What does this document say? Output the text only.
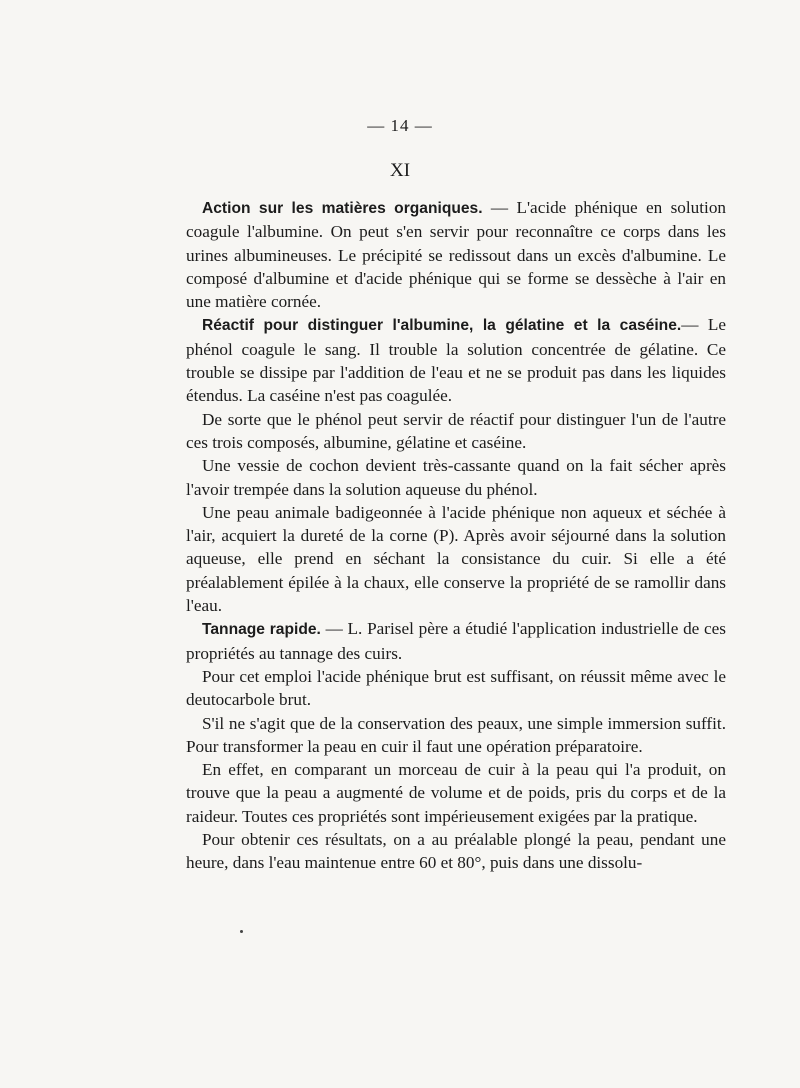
— 14 —
XI

Action sur les matières organiques. — L'acide phénique en solution coagule l'albumine. On peut s'en servir pour reconnaître ce corps dans les urines albumineuses. Le précipité se redissout dans un excès d'albumine. Le composé d'albumine et d'acide phénique qui se forme se dessèche à l'air en une matière cornée.

Réactif pour distinguer l'albumine, la gélatine et la caséine.— Le phénol coagule le sang. Il trouble la solution concentrée de gélatine. Ce trouble se dissipe par l'addition de l'eau et ne se produit pas dans les liquides étendus. La caséine n'est pas coagulée.

De sorte que le phénol peut servir de réactif pour distinguer l'un de l'autre ces trois composés, albumine, gélatine et caséine.

Une vessie de cochon devient très-cassante quand on la fait sécher après l'avoir trempée dans la solution aqueuse du phénol.

Une peau animale badigeonnée à l'acide phénique non aqueux et séchée à l'air, acquiert la dureté de la corne (P). Après avoir séjourné dans la solution aqueuse, elle prend en séchant la consistance du cuir. Si elle a été préalablement épilée à la chaux, elle conserve la propriété de se ramollir dans l'eau.

Tannage rapide. — L. Parisel père a étudié l'application industrielle de ces propriétés au tannage des cuirs.

Pour cet emploi l'acide phénique brut est suffisant, on réussit même avec le deutocarbole brut.

S'il ne s'agit que de la conservation des peaux, une simple immersion suffit. Pour transformer la peau en cuir il faut une opération préparatoire.

En effet, en comparant un morceau de cuir à la peau qui l'a produit, on trouve que la peau a augmenté de volume et de poids, pris du corps et de la raideur. Toutes ces propriétés sont impérieusement exigées par la pratique.

Pour obtenir ces résultats, on a au préalable plongé la peau, pendant une heure, dans l'eau maintenue entre 60 et 80°, puis dans une dissolu-
